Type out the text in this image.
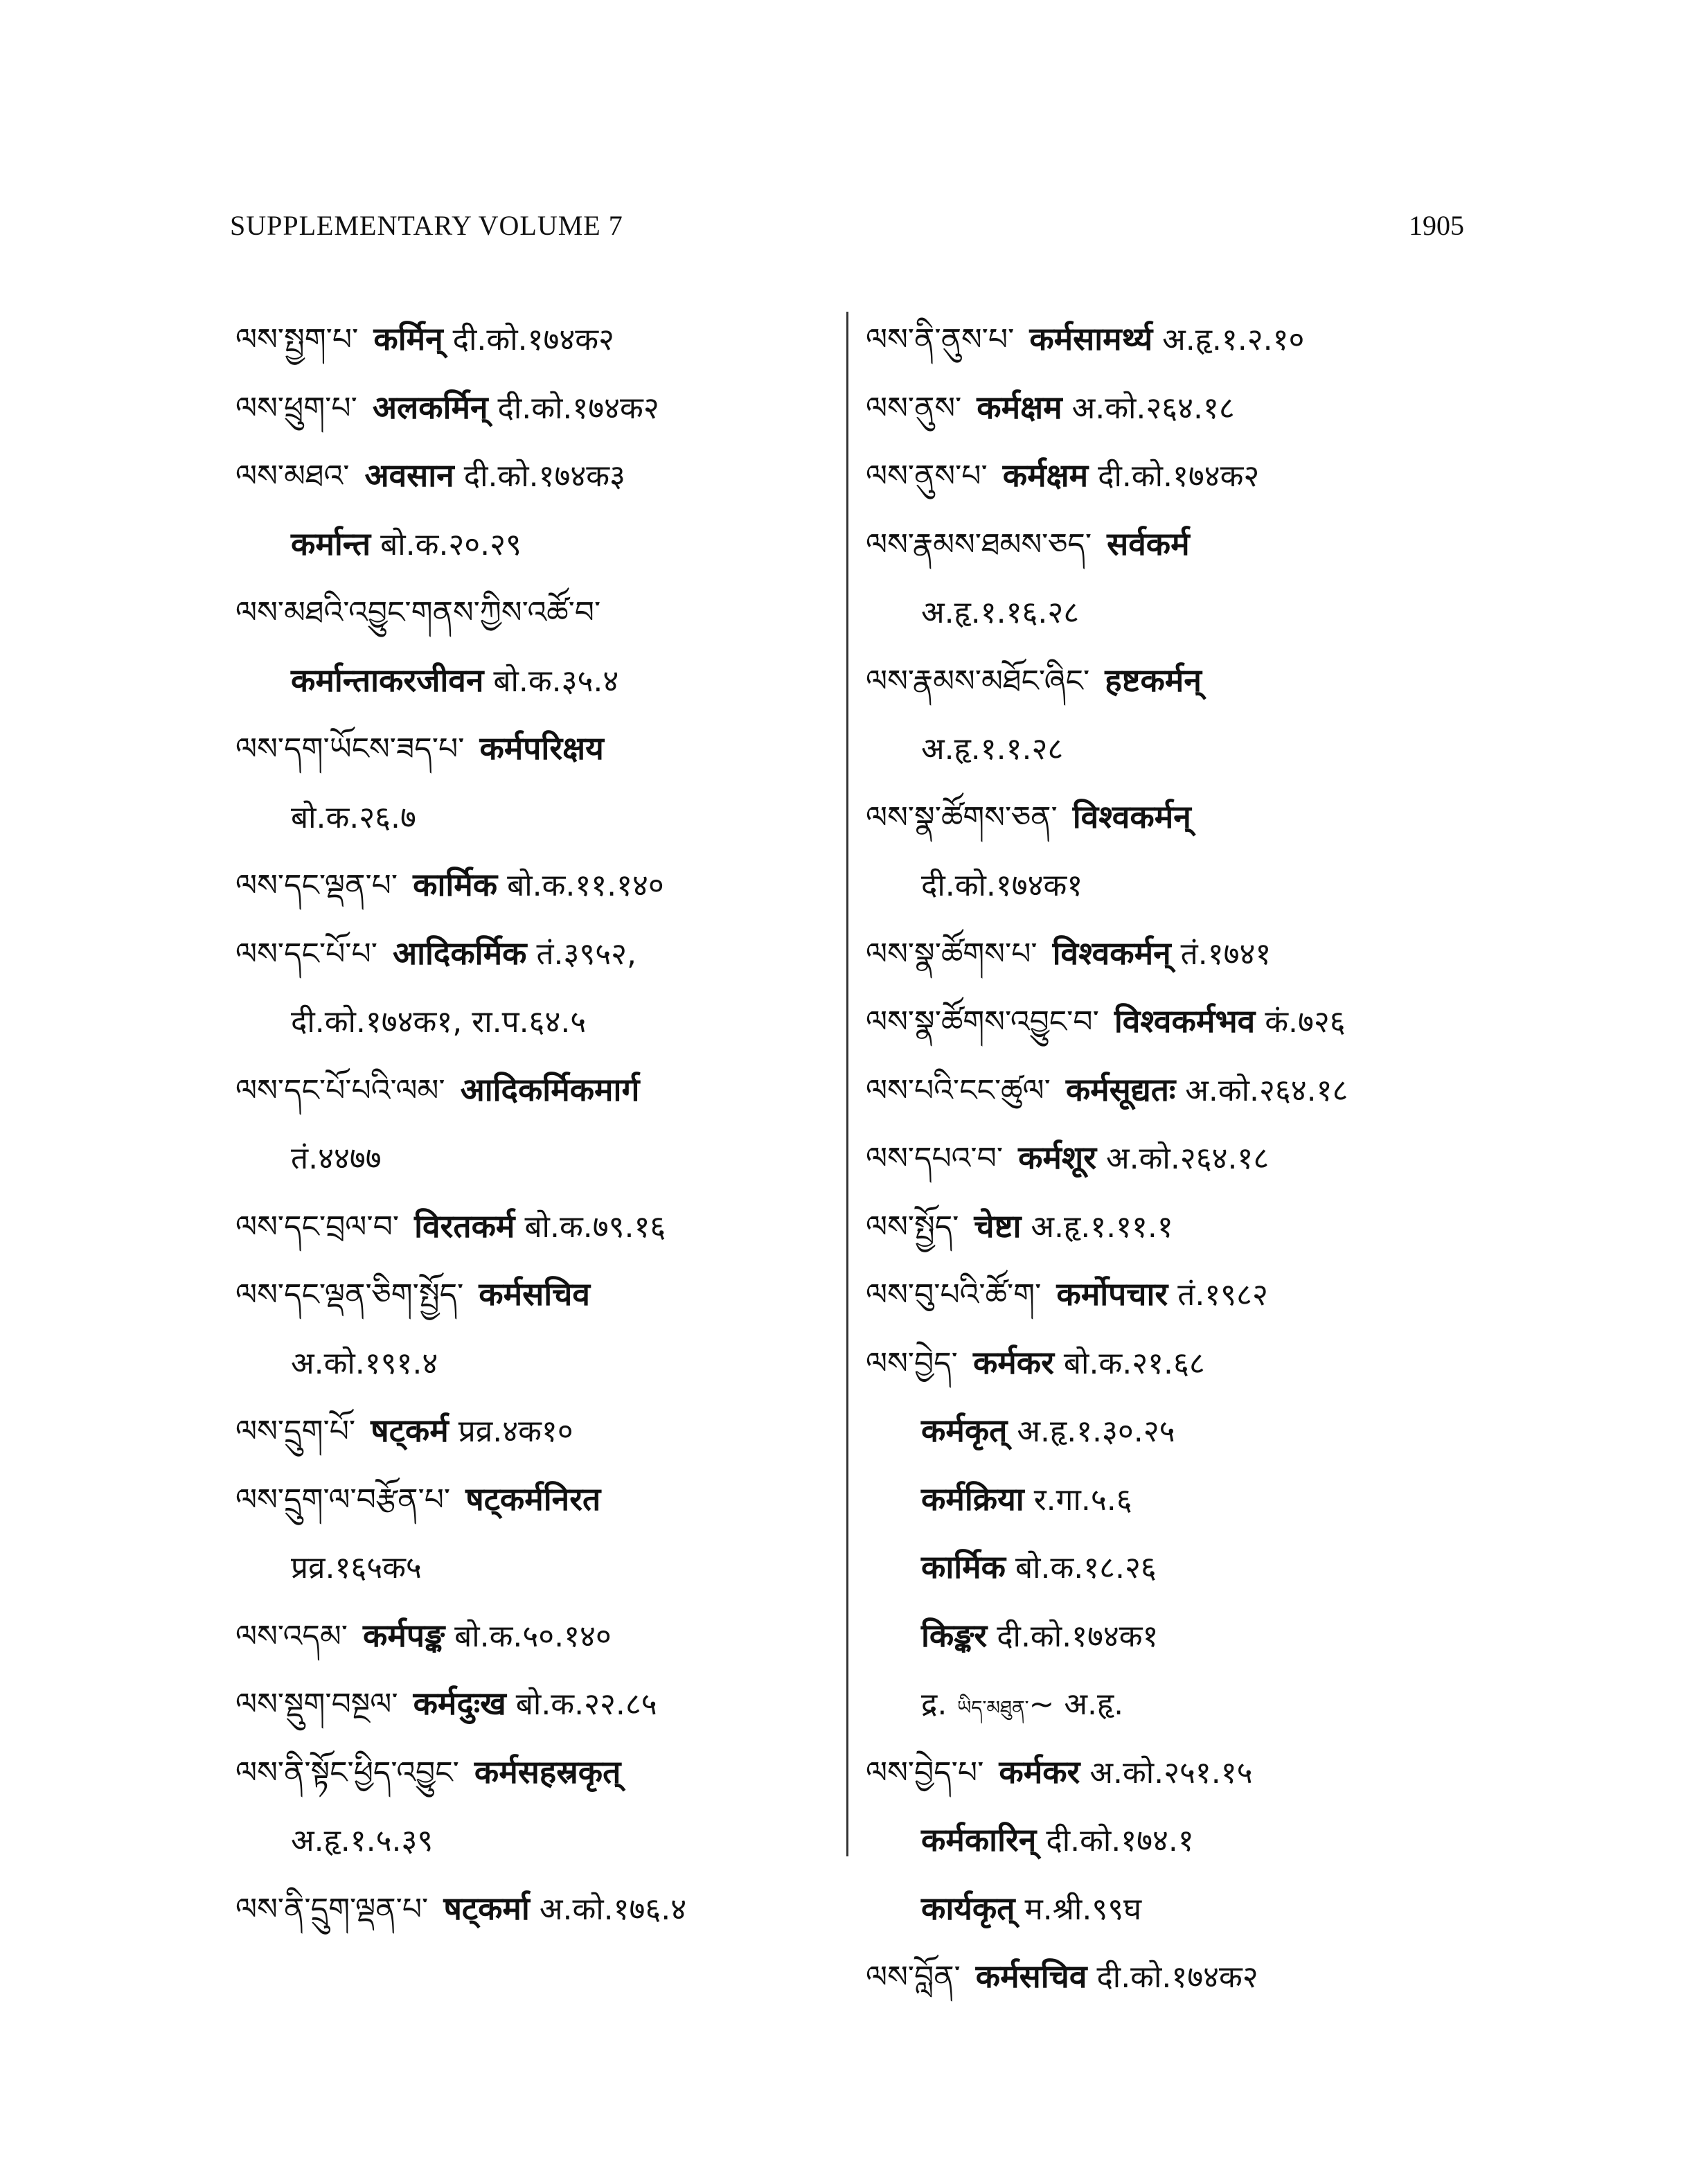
SUPPLEMENTARY VOLUME 7	1905
ལས་སྤྱག་པ་ कर्मिन् दी.को.१७४क२
ལས་ཕྲུག་པ་ अलकर्मिन् दी.को.१७४क२
ལས་མཐའ་ अवसान दी.को.१७४क३
कर्मान्त बो.क.२०.२९
ལས་མཐའི་འབྱུང་གནས་ཀྱིས་འཚོ་བ་
कर्मान्ताकरजीवन बो.क.३५.४
ལས་དག་ཡོངས་ཟད་པ་ कर्मपरिक्षय
बो.क.२६.७
ལས་དང་ལྡན་པ་ कार्मिक बो.क.११.१४०
ལས་དང་པོ་པ་ आदिकर्मिक तं.३९५२,
दी.को.१७४क१, रा.प.६४.५
ལས་དང་པོ་པའི་ལམ་ आदिकर्मिकमार्ग
तं.४४७७
ལས་དང་བྲལ་བ་ विरतकर्म बो.क.७९.१६
ལས་དང་ལྡན་ཅིག་སྤྱོད་ कर्मसचिव
अ.को.१९१.४
ལས་དྲུག་པོ་ षट्कर्म प्रव्र.४क१०
ལས་དྲུག་ལ་བརྩོན་པ་ षट्कर्मनिरत
प्रव्र.१६५क५
ལས་འདམ་ कर्मपङ्क बो.क.५०.१४०
ལས་སྡུག་བསྔལ་ कर्मदुःख बो.क.२२.८५
ལས་ནི་སྟོང་ཕྱིད་འབྱུང་ कर्मसहस्रकृत्
अ.हृ.१.५.३९
ལས་ནི་དྲུག་ལྡན་པ་ षट्कर्मा अ.को.१७६.४
ལས་ནི་ནུས་པ་ कर्मसामर्थ्य अ.हृ.१.२.१०
ལས་ནུས་ कर्मक्षम अ.को.२६४.१८
ལས་ནུས་པ་ कर्मक्षम दी.को.१७४क२
ལས་རྣམས་ཐམས་ཅད་ सर्वकर्म
अ.हृ.१.१६.२८
ལས་རྣམས་མཐོང་ཞིང་ हष्टकर्मन्
अ.हृ.१.१.२८
ལས་སྣ་ཚོགས་ཅན་ विश्वकर्मन्
दी.को.१७४क१
ལས་སྣ་ཚོགས་པ་ विश्वकर्मन् तं.१७४१
ལས་སྣ་ཚོགས་འབྱུང་བ་ विश्वकर्मभव कं.७२६
ལས་པའི་ངང་ཚུལ་ कर्मसूद्यतः अ.को.२६४.१८
ལས་དཔའ་བ་ कर्मशूर अ.को.२६४.१८
ལས་སྤྱོད་ चेष्टा अ.हृ.१.११.१
ལས་བུ་པའི་ཚོ་ག་ कर्मोपचार तं.१९८२
ལས་བྱེད་ कर्मकर बो.क.२१.६८
कर्मकृत् अ.हृ.१.३०.२५
कर्मक्रिया र.गा.५.६
कार्मिक बो.क.१८.२६
किङ्कर दी.को.१७४क१
द्र. ཡིད་མཐུན་~ अ.हृ.
ལས་བྱེད་པ་ कर्मकर अ.को.२५१.१५
कर्मकारिन् दी.को.१७४.१
कार्यकृत् म.श्री.९९घ
ལས་བློན་ कर्मसचिव दी.को.१७४क२
